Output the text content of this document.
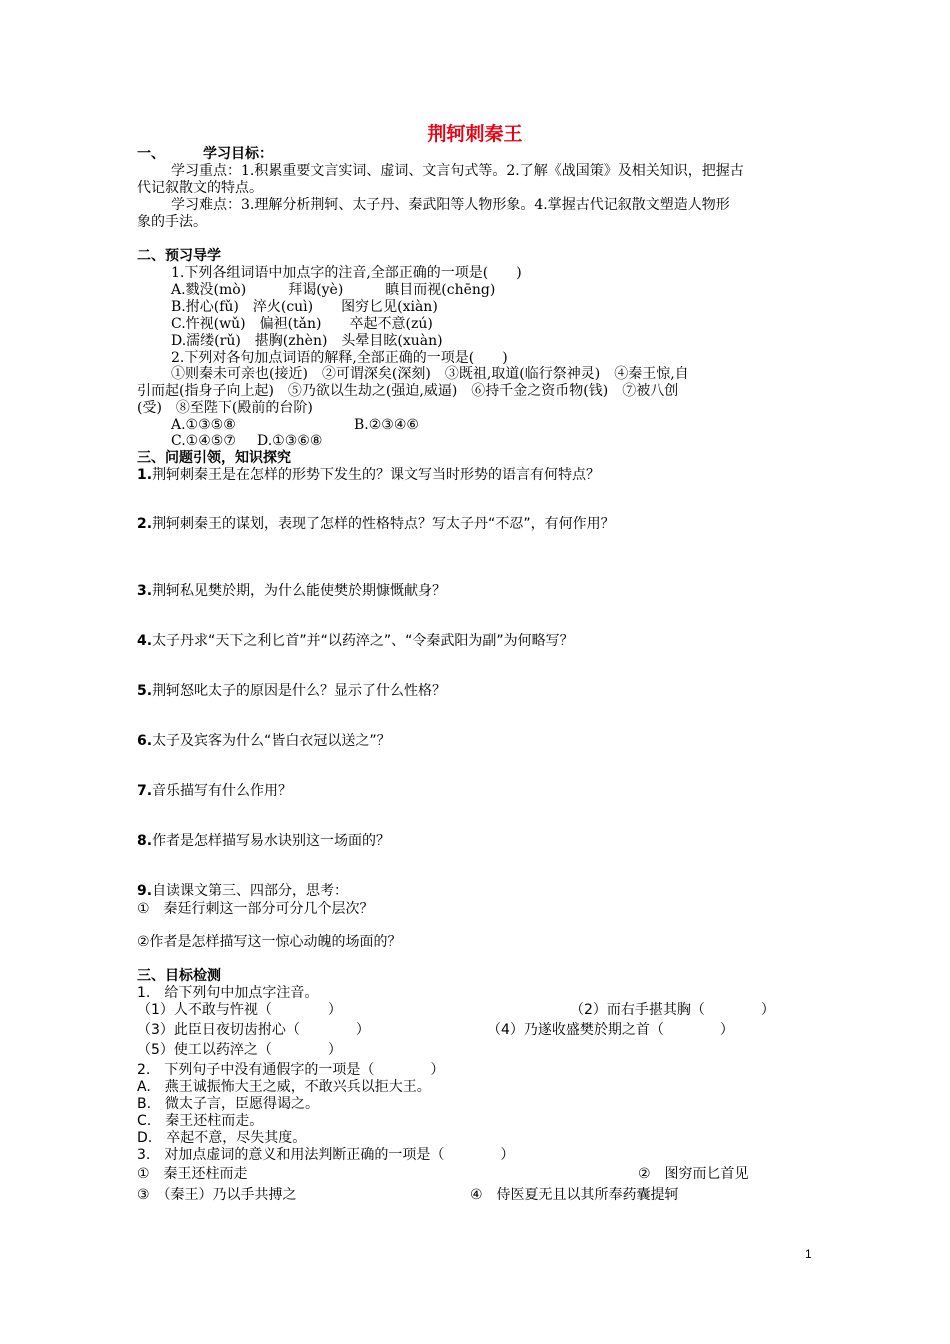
荆轲刺秦王
一、	学习目标：
学习重点：1.积累重要文言实词、虚词、文言句式等。2.了解《战国策》及相关知识，把握古
代记叙散文的特点。
学习难点：3.理解分析荆轲、太子丹、秦武阳等人物形象。4.掌握古代记叙散文塑造人物形
象的手法。
二、预习导学
1.下列各组词语中加点字的注音,全部正确的一项是(　　)
A.戮没(mò)　　　拜谒(yè)　　　瞋目而视(chēng)
B.拊心(fǔ)　淬火(cuì)　　图穷匕见(xiàn)
C.忤视(wǔ)　偏袒(tǎn)　　卒起不意(zú)
D.濡缕(rǔ)　揕胸(zhèn)　头晕目眩(xuàn)
2.下列对各句加点词语的解释,全部正确的一项是(　　)
①则秦未可亲也(接近)　②可谓深矣(深刻)　③既祖,取道(临行祭神灵)　④秦王惊,自
引而起(指身子向上起)　⑤乃欲以生劫之(强迫,威逼)　⑥持千金之资币物(钱)　⑦被八创
(受)　⑧至陛下(殿前的台阶)
A.①③⑤⑧	B.②③④⑥
C.①④⑤⑦ D.①③⑥⑧
三、问题引领，知识探究
1.荆轲刺秦王是在怎样的形势下发生的？课文写当时形势的语言有何特点？
2.荆轲刺秦王的谋划，表现了怎样的性格特点？写太子丹“不忍”，有何作用？
3.荆轲私见樊於期，为什么能使樊於期慷慨献身？
4.太子丹求“天下之利匕首”并“以药淬之”、“令秦武阳为副”为何略写？
5.荆轲怒叱太子的原因是什么？显示了什么性格？
6.太子及宾客为什么“皆白衣冠以送之”？
7.音乐描写有什么作用？
8.作者是怎样描写易水诀别这一场面的？
9.自读课文第三、四部分，思考：
①　秦廷行刺这一部分可分几个层次？
②作者是怎样描写这一惊心动魄的场面的？
三、目标检测
1.　给下列句中加点字注音。
（1）人不敢与忤视（　　　　）	（2）而右手揕其胸（　　　　）
（3）此臣日夜切齿拊心（　　　　）	（4）乃遂收盛樊於期之首（　　　　）
（5）使工以药淬之（　　　　）
2.　下列句子中没有通假字的一项是（　　　　）
A.　燕王诚振怖大王之威，不敢兴兵以拒大王。
B.　微太子言，臣愿得谒之。
C.　秦王还柱而走。
D.　卒起不意，尽失其度。
3.　对加点虚词的意义和用法判断正确的一项是（　　　　）
①　秦王还柱而走	②　图穷而匕首见
③　（秦王）乃以手共搏之	④　侍医夏无且以其所奉药囊提轲
1
